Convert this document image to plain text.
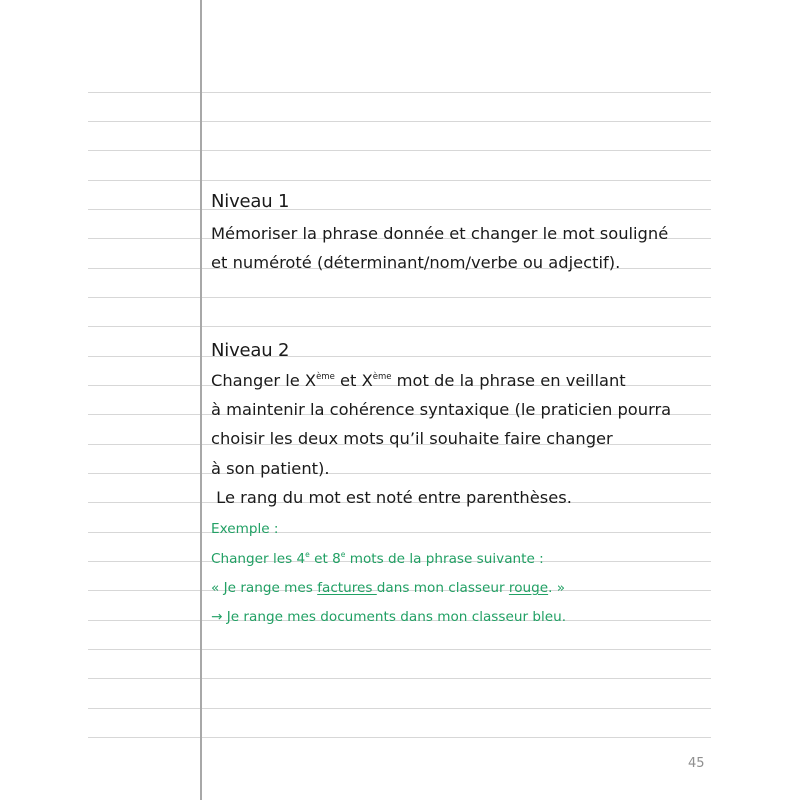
Niveau 1
Mémoriser la phrase donnée et changer le mot souligné
et numéroté (déterminant/nom/verbe ou adjectif).
Niveau 2
Changer le Xème et Xème mot de la phrase en veillant
à maintenir la cohérence syntaxique (le praticien pourra
choisir les deux mots qu’il souhaite faire changer
à son patient).
Le rang du mot est noté entre parenthèses.
Exemple :
Changer les 4e et 8e mots de la phrase suivante :
« Je range mes factures dans mon classeur rouge. »
→ Je range mes documents dans mon classeur bleu.
45
